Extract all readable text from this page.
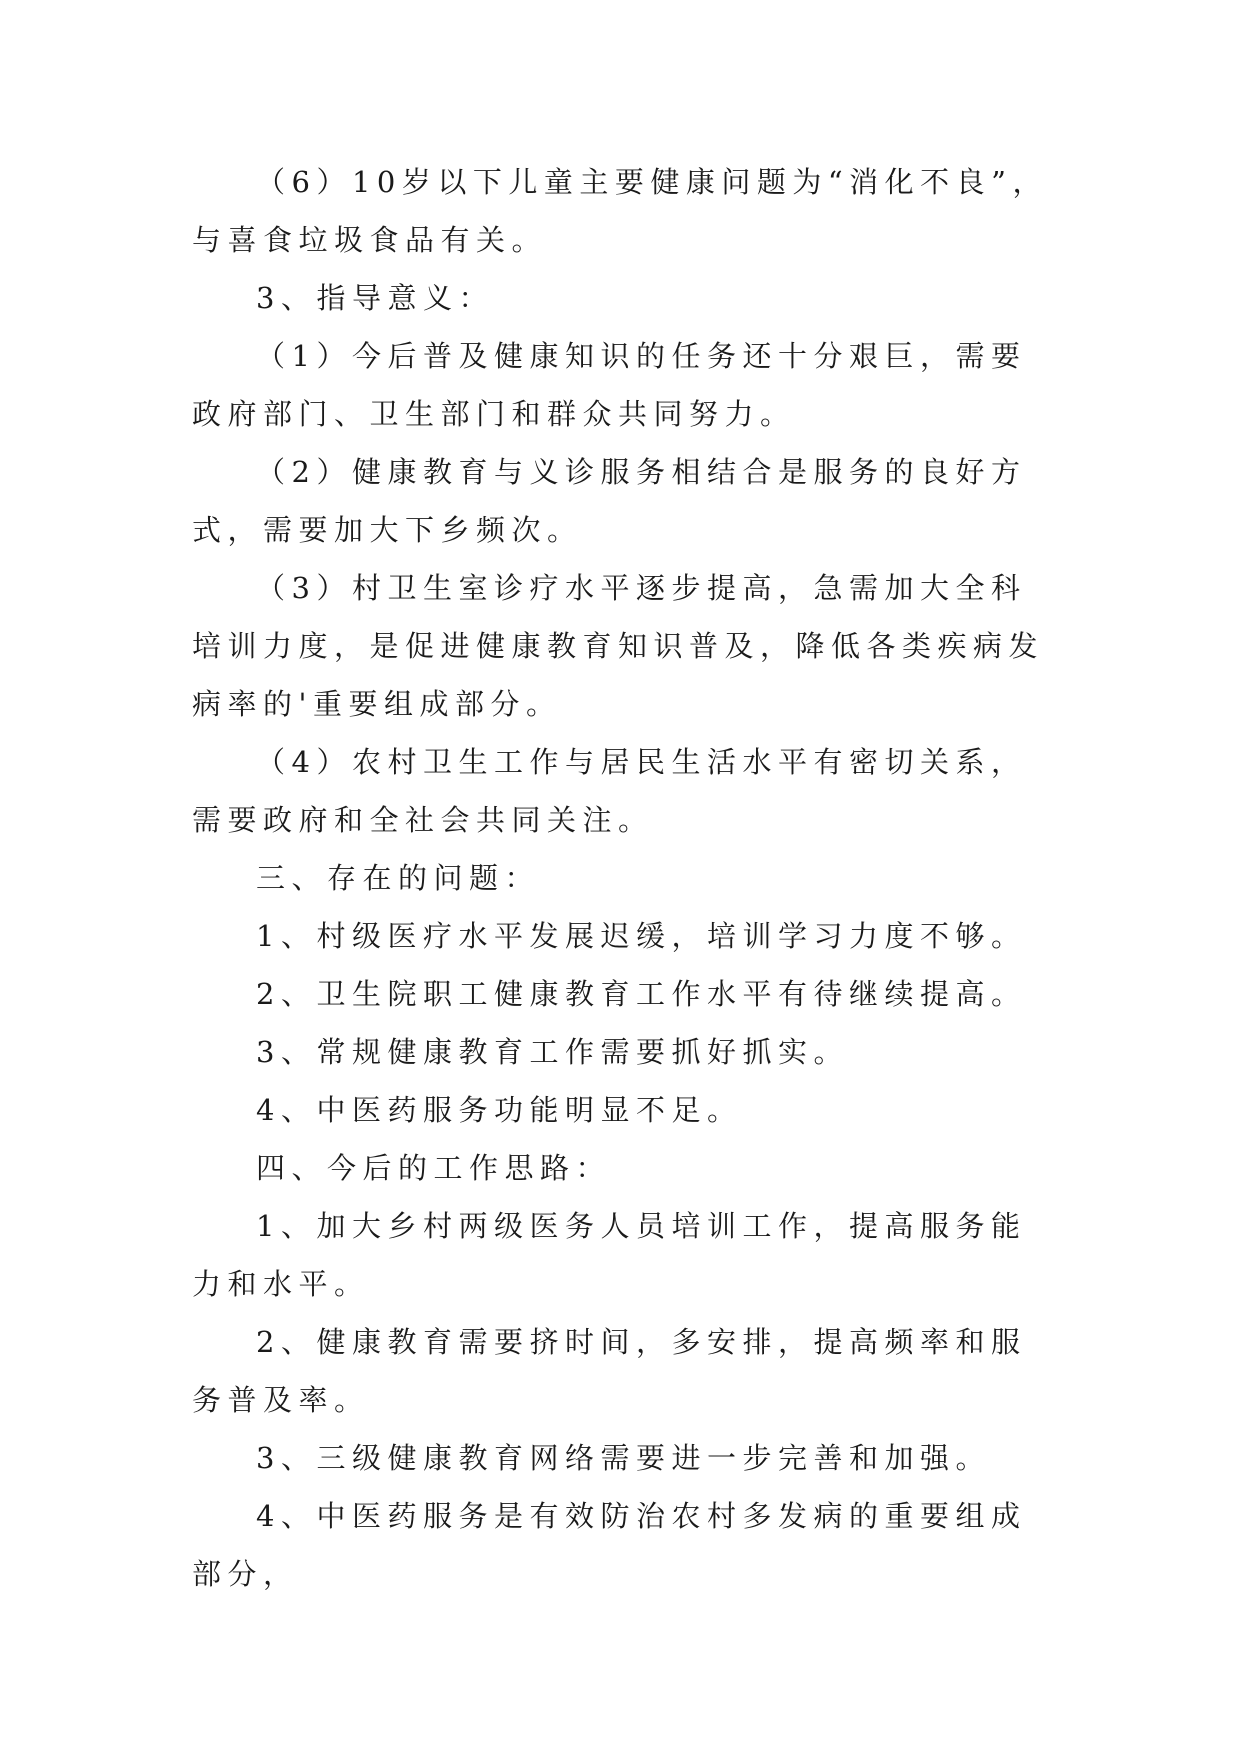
（6）10岁以下儿童主要健康问题为“消化不良”，与喜食垃圾食品有关。

3、指导意义：

（1）今后普及健康知识的任务还十分艰巨，需要政府部门、卫生部门和群众共同努力。

（2）健康教育与义诊服务相结合是服务的良好方式，需要加大下乡频次。

（3）村卫生室诊疗水平逐步提高，急需加大全科培训力度，是促进健康教育知识普及，降低各类疾病发病率的'重要组成部分。

（4）农村卫生工作与居民生活水平有密切关系，需要政府和全社会共同关注。

三、存在的问题：

1、村级医疗水平发展迟缓，培训学习力度不够。

2、卫生院职工健康教育工作水平有待继续提高。

3、常规健康教育工作需要抓好抓实。

4、中医药服务功能明显不足。

四、今后的工作思路：

1、加大乡村两级医务人员培训工作，提高服务能力和水平。

2、健康教育需要挤时间，多安排，提高频率和服务普及率。

3、三级健康教育网络需要进一步完善和加强。

4、中医药服务是有效防治农村多发病的重要组成部分，
